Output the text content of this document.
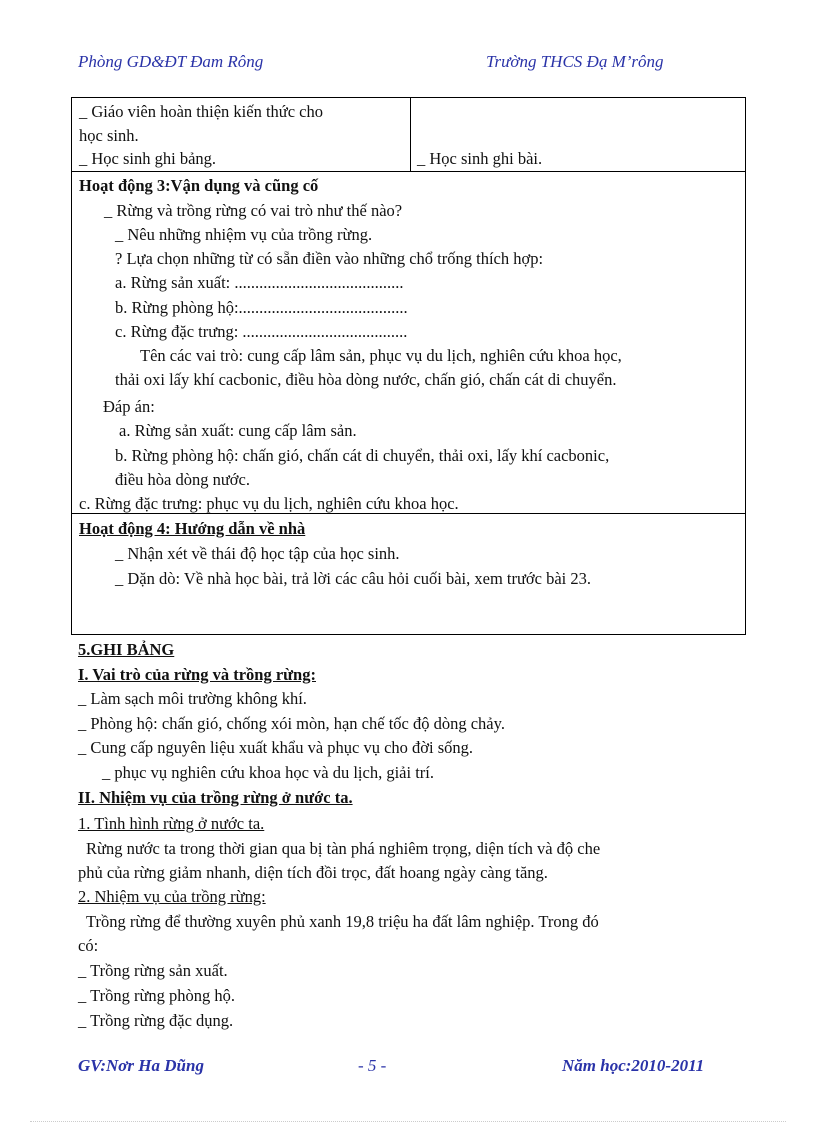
Phòng GD&ĐT Đam Rông	Trường THCS Đạ M’rông
_ Giáo viên hoàn thiện kiến thức cho
học sinh.
_ Học sinh ghi bảng.	_ Học sinh ghi bài.
Hoạt động 3:Vận dụng và cũng cố
_ Rừng và trồng rừng có vai trò như thế nào?
_ Nêu những nhiệm vụ của trồng rừng.
? Lựa chọn những từ có sẵn điền vào những chổ trống thích hợp:
a. Rừng sản xuất: .........................................
b. Rừng phòng hộ:.........................................
c. Rừng đặc trưng: ........................................
Tên các vai trò: cung cấp lâm sản, phục vụ du lịch, nghiên cứu khoa học,
thải oxi lấy khí cacbonic, điều hòa dòng nước, chấn gió, chấn cát di chuyển.
Đáp án:
a. Rừng sản xuất: cung cấp lâm sản.
b. Rừng phòng hộ: chấn gió, chấn cát di chuyển, thải oxi, lấy khí cacbonic,
điều hòa dòng nước.
c. Rừng đặc trưng: phục vụ du lịch, nghiên cứu khoa học.
Hoạt động 4: Hướng dẫn về nhà
_ Nhận xét về thái độ học tập của học sinh.
_ Dặn dò: Về nhà học bài, trả lời các câu hỏi cuối bài, xem trước bài 23.
5.GHI BẢNG
I. Vai trò của rừng và trồng rừng:
_ Làm sạch môi trường không khí.
_ Phòng hộ: chấn gió, chống xói mòn, hạn chế tốc độ dòng chảy.
_ Cung cấp nguyên liệu xuất khẩu và phục vụ cho đời sống.
_ phục vụ nghiên cứu khoa học và du lịch, giải trí.
II. Nhiệm vụ của trồng rừng ở nước ta.
1. Tình hình rừng ở nước ta.
Rừng nước ta trong thời gian qua bị tàn phá nghiêm trọng, diện tích và độ che
phủ của rừng giảm nhanh, diện tích đồi trọc, đất hoang ngày càng tăng.
2. Nhiệm vụ của trồng rừng:
Trồng rừng để thường xuyên phủ xanh 19,8 triệu ha đất lâm nghiệp. Trong đó
có:
_ Trồng rừng sản xuất.
_ Trồng rừng phòng hộ.
_ Trồng rừng đặc dụng.
GV:Nơr Ha Dũng	- 5 -	Năm học:2010-2011
